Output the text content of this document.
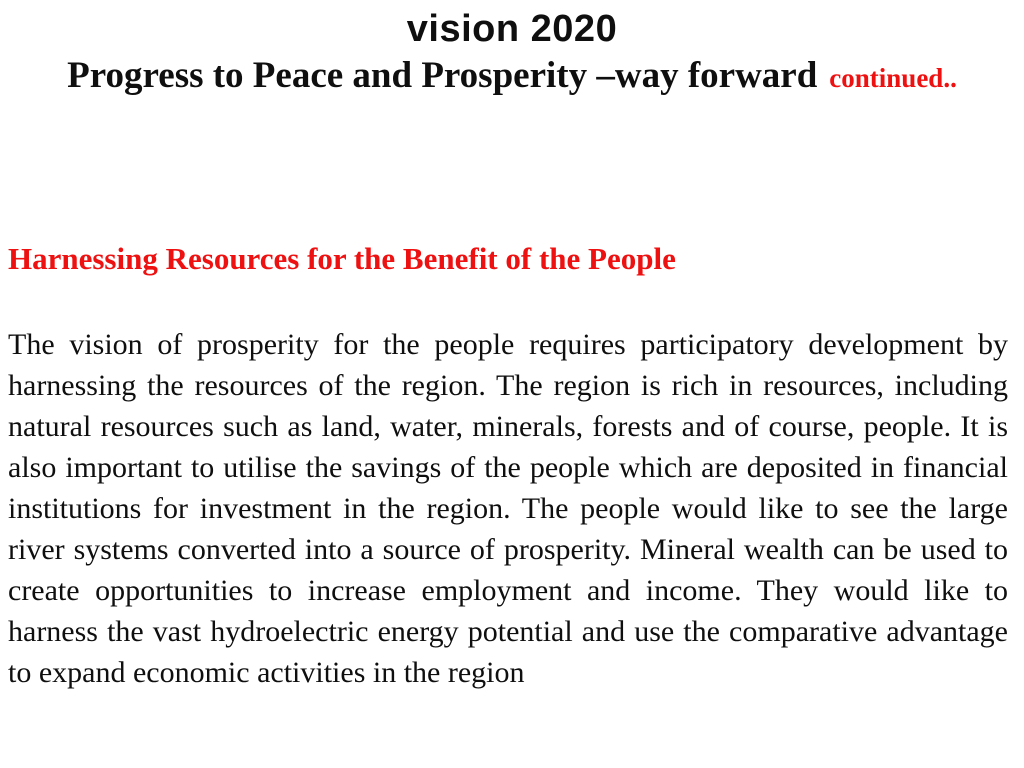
vision 2020
Progress to Peace and Prosperity –way forward continued..
Harnessing Resources for the Benefit of the People
The vision of prosperity for the people requires participatory development by harnessing the resources of the region. The region is rich in resources, including natural resources such as land, water, minerals, forests and of course, people. It is also important to utilise the savings of the people which are deposited in financial institutions for investment in the region. The people would like to see the large river systems converted into a source of prosperity. Mineral wealth can be used to create opportunities to increase employment and income. They would like to harness the vast hydroelectric energy potential and use the comparative advantage to expand economic activities in the region
